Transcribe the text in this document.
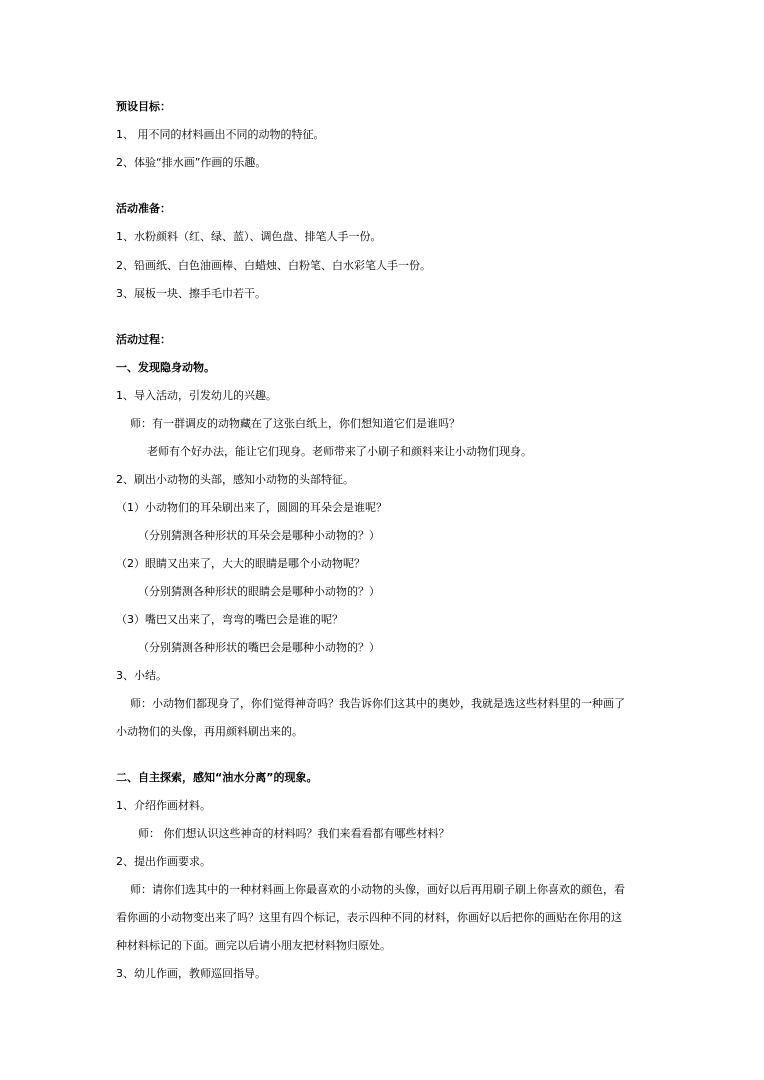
预设目标：
1、 用不同的材料画出不同的动物的特征。
2、体验“排水画”作画的乐趣。
活动准备：
1、水粉颜料（红、绿、蓝）、调色盘、排笔人手一份。
2、铅画纸、白色油画棒、白蜡烛、白粉笔、白水彩笔人手一份。
3、展板一块、擦手毛巾若干。
活动过程：
一、发现隐身动物。
1、导入活动，引发幼儿的兴趣。
师：有一群调皮的动物藏在了这张白纸上，你们想知道它们是谁吗？
老师有个好办法，能让它们现身。老师带来了小刷子和颜料来让小动物们现身。
2、刷出小动物的头部，感知小动物的头部特征。
（1）小动物们的耳朵刷出来了，圆圆的耳朵会是谁呢？
（分别猜测各种形状的耳朵会是哪种小动物的？）
（2）眼睛又出来了，大大的眼睛是哪个小动物呢？
（分别猜测各种形状的眼睛会是哪种小动物的？）
（3）嘴巴又出来了，弯弯的嘴巴会是谁的呢？
（分别猜测各种形状的嘴巴会是哪种小动物的？）
3、小结。
师：小动物们都现身了，你们觉得神奇吗？我告诉你们这其中的奥妙，我就是选这些材料里的一种画了
小动物们的头像，再用颜料刷出来的。
二、自主探索，感知“油水分离”的现象。
1、介绍作画材料。
师： 你们想认识这些神奇的材料吗？我们来看看都有哪些材料？
2、提出作画要求。
师：请你们选其中的一种材料画上你最喜欢的小动物的头像，画好以后再用刷子刷上你喜欢的颜色，看
看你画的小动物变出来了吗？这里有四个标记，表示四种不同的材料，你画好以后把你的画贴在你用的这
种材料标记的下面。画完以后请小朋友把材料物归原处。
3、幼儿作画，教师巡回指导。
